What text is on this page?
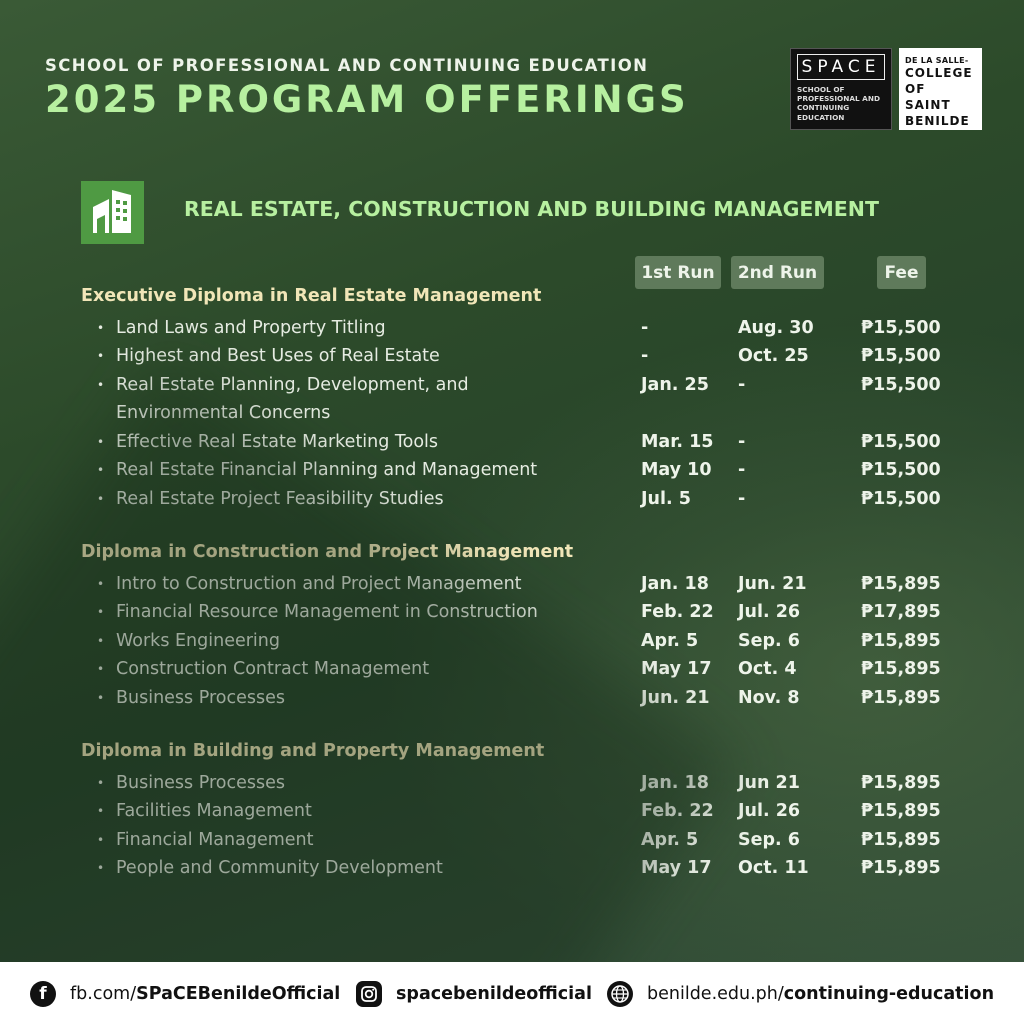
SCHOOL OF PROFESSIONAL AND CONTINUING EDUCATION
2025 PROGRAM OFFERINGS
SPACE
SCHOOL OF
PROFESSIONAL AND
CONTINUING
EDUCATION
DE LA SALLE-
COLLEGE
OF SAINT
BENILDE
REAL ESTATE, CONSTRUCTION AND BUILDING MANAGEMENT
1st Run	2nd Run	Fee
Executive Diploma in Real Estate Management
• Land Laws and Property Titling	-	Aug. 30	₱15,500
• Highest and Best Uses of Real Estate	-	Oct. 25	₱15,500
• Real Estate Planning, Development, and
Environmental Concerns
Jan. 25 -	₱15,500
• Effective Real Estate Marketing Tools	Mar. 15 -	₱15,500
• Real Estate Financial Planning and Management	May 10 -	₱15,500
• Real Estate Project Feasibility Studies	Jul. 5	-	₱15,500
Diploma in Construction and Project Management
• Intro to Construction and Project Management	Jan. 18 Jun. 21	₱15,895
• Financial Resource Management in Construction	Feb. 22 Jul. 26	₱17,895
• Works Engineering	Apr. 5 Sep. 6	₱15,895
• Construction Contract Management	May 17 Oct. 4	₱15,895
• Business Processes	Jun. 21 Nov. 8	₱15,895
Diploma in Building and Property Management
• Business Processes	Jan. 18 Jun 21	₱15,895
• Facilities Management	Feb. 22 Jul. 26	₱15,895
• Financial Management	Apr. 5 Sep. 6	₱15,895
• People and Community Development	May 17 Oct. 11	₱15,895
f	fb.com/ SPaCEBenildeOfficial	spacebenildeofficial	benilde.edu.ph/ continuing-education
